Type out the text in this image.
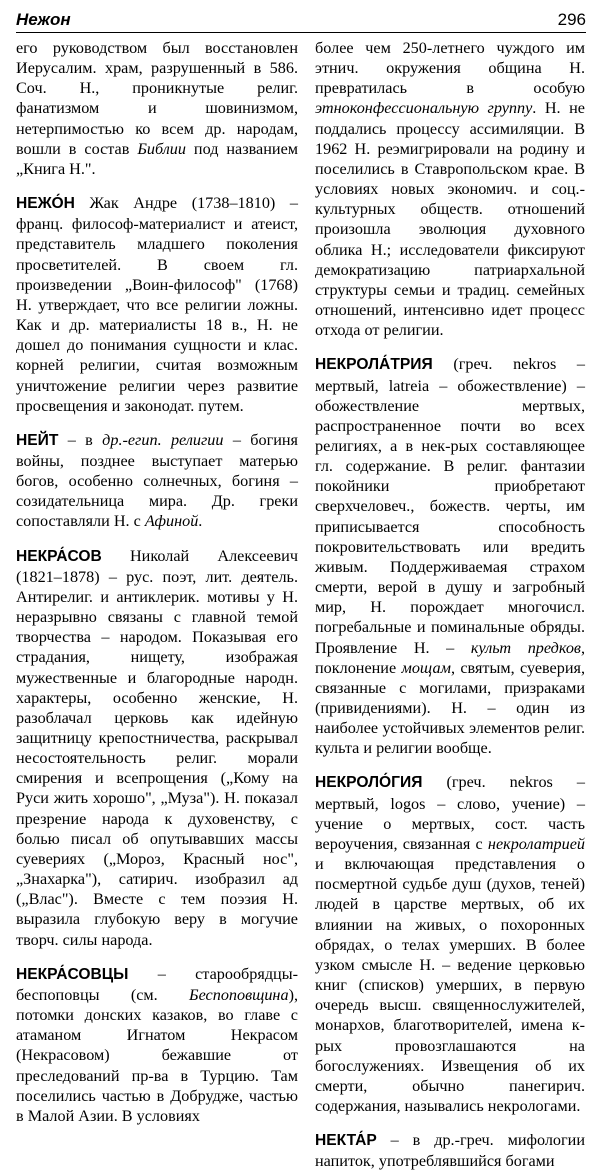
Нежон	296

его руководством был восстановлен Иерусалим. храм, разрушенный в 586. Соч. Н., проникнутые религ. фанатизмом и шовинизмом, нетерпимостью ко всем др. народам, вошли в состав Библии под названием „Книга Н.".

НЕЖО́Н Жак Андре (1738–1810) – франц. философ-материалист и атеист, представитель младшего поколения просветителей. В своем гл. произведении „Воин-философ" (1768) Н. утверждает, что все религии ложны. Как и др. материалисты 18 в., Н. не дошел до понимания сущности и клас. корней религии, считая возможным уничтожение религии через развитие просвещения и законодат. путем.

НЕЙТ – в др.-егип. религии – богиня войны, позднее выступает матерью богов, особенно солнечных, богиня – созидательница мира. Др. греки сопоставляли Н. с Афиной.

НЕКРА́СОВ Николай Алексеевич (1821–1878) – рус. поэт, лит. деятель. Антирелиг. и антиклерик. мотивы у Н. неразрывно связаны с главной темой творчества – народом. Показывая его страдания, нищету, изображая мужественные и благородные народн. характеры, особенно женские, Н. разоблачал церковь как идейную защитницу крепостничества, раскрывал несостоятельность религ. морали смирения и всепрощения („Кому на Руси жить хорошо", „Муза"). Н. показал презрение народа к духовенству, с болью писал об опутывавших массы суевериях („Мороз, Красный нос", „Знахарка"), сатирич. изобразил ад („Влас"). Вместе с тем поэзия Н. выразила глубокую веру в могучие творч. силы народа.

НЕКРА́СОВЦЫ – старообрядцы-беспоповцы (см. Беспоповщина), потомки донских казаков, во главе с атаманом Игнатом Некрасом (Некрасовом) бежавшие от преследований пр-ва в Турцию. Там поселились частью в Добрудже, частью в Малой Азии. В условиях

более чем 250-летнего чуждого им этнич. окружения община Н. превратилась в особую этноконфессиональную группу. Н. не поддались процессу ассимиляции. В 1962 Н. реэмигрировали на родину и поселились в Ставропольском крае. В условиях новых экономич. и соц.-культурных обществ. отношений произошла эволюция духовного облика Н.; исследователи фиксируют демократизацию патриархальной структуры семьи и традиц. семейных отношений, интенсивно идет процесс отхода от религии.

НЕКРОЛА́ТРИЯ (греч. nekros – мертвый, latreia – обожествление) – обожествление мертвых, распространенное почти во всех религиях, а в нек-рых составляющее гл. содержание. В религ. фантазии покойники приобретают сверхчеловеч., божеств. черты, им приписывается способность покровительствовать или вредить живым. Поддерживаемая страхом смерти, верой в душу и загробный мир, Н. порождает многочисл. погребальные и поминальные обряды. Проявление Н. – культ предков, поклонение мощам, святым, суеверия, связанные с могилами, призраками (привидениями). Н. – один из наиболее устойчивых элементов религ. культа и религии вообще.

НЕКРОЛО́ГИЯ (греч. nekros – мертвый, logos – слово, учение) – учение о мертвых, сост. часть вероучения, связанная с некролатрией и включающая представления о посмертной судьбе душ (духов, теней) людей в царстве мертвых, об их влиянии на живых, о похоронных обрядах, о телах умерших. В более узком смысле Н. – ведение церковью книг (списков) умерших, в первую очередь высш. священнослужителей, монархов, благотворителей, имена к-рых провозглашаются на богослужениях. Извещения об их смерти, обычно панегирич. содержания, назывались некрологами.

НЕКТА́Р – в др.-греч. мифологии напиток, употреблявшийся богами
